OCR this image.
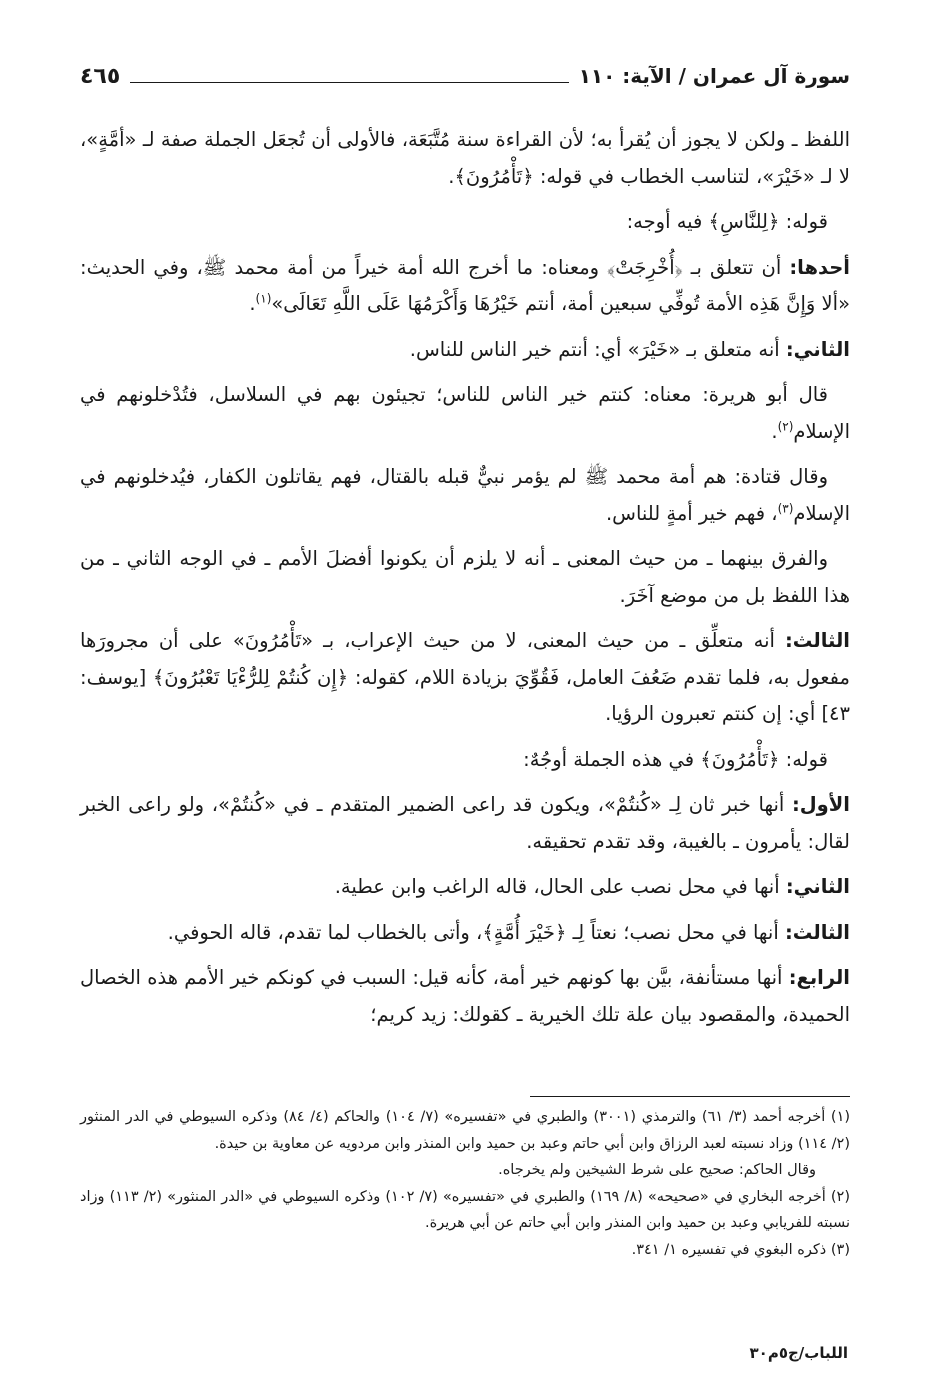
سورة آل عمران / الآية: ١١٠
٤٦٥

اللفظ ـ ولكن لا يجوز أن يُقرأ به؛ لأن القراءة سنة مُتَّبَعَة، فالأولى أن تُجعَل الجملة صفة لـ «أمَّةٍ»، لا لـ «خَيْرَ»، لتناسب الخطاب في قوله: ﴿تَأْمُرُونَ﴾.

قوله: ﴿لِلنَّاسِ﴾ فيه أوجه:

أحدها: أن تتعلق بـ ﴿أُخْرِجَتْ﴾ ومعناه: ما أخرج الله أمة خيراً من أمة محمد ﷺ، وفي الحديث: «ألا وَإِنَّ هَذِه الأمة تُوفِّي سبعين أمة، أنتم خَيْرُهَا وَأَكْرَمُهَا عَلَى اللَّهِ تَعَالَى»$^{(١)}$.

الثاني: أنه متعلق بـ «خَيْرَ» أي: أنتم خير الناس للناس.

قال أبو هريرة: معناه: كنتم خير الناس للناس؛ تجيئون بهم في السلاسل، فتُدْخلونهم في الإسلام$^{(٢)}$.

وقال قتادة: هم أمة محمد ﷺ لم يؤمر نبيٌّ قبله بالقتال، فهم يقاتلون الكفار، فيُدخلونهم في الإسلام$^{(٣)}$، فهم خير أمةٍ للناس.

والفرق بينهما ـ من حيث المعنى ـ أنه لا يلزم أن يكونوا أفضلَ الأمم ـ في الوجه الثاني ـ من هذا اللفظ بل من موضع آخَرَ.

الثالث: أنه متعلِّق ـ من حيث المعنى، لا من حيث الإعراب، بـ «تَأْمُرُونَ» على أن مجرورَها مفعول به، فلما تقدم ضَعُفَ العامل، فَقُوِّيَ بزيادة اللام، كقوله: ﴿إِن كُنتُمْ لِلرُّءْيَا تَعْبُرُونَ﴾ [يوسف: ٤٣] أي: إن كنتم تعبرون الرؤيا.

قوله: ﴿تَأْمُرُونَ﴾ في هذه الجملة أوجُهٌ:

الأول: أنها خبر ثان لِـ «كُنتُمْ»، ويكون قد راعى الضمير المتقدم ـ في «كُنتُمْ»، ولو راعى الخبر لقال: يأمرون ـ بالغيبة، وقد تقدم تحقيقه.

الثاني: أنها في محل نصب على الحال، قاله الراغب وابن عطية.

الثالث: أنها في محل نصب؛ نعتاً لِـ ﴿خَيْرَ أُمَّةٍ﴾، وأتى بالخطاب لما تقدم، قاله الحوفي.

الرابع: أنها مستأنفة، بيَّن بها كونهم خير أمة، كأنه قيل: السبب في كونكم خير الأمم هذه الخصال الحميدة، والمقصود بيان علة تلك الخيرية ـ كقولك: زيد كريم؛

(١) أخرجه أحمد (٣/ ٦١) والترمذي (٣٠٠١) والطبري في «تفسيره» (٧/ ١٠٤) والحاكم (٤/ ٨٤) وذكره السيوطي في الدر المنثور (٢/ ١١٤) وزاد نسبته لعبد الرزاق وابن أبي حاتم وعبد بن حميد وابن المنذر وابن مردويه عن معاوية بن حيدة.

وقال الحاكم: صحيح على شرط الشيخين ولم يخرجاه.

(٢) أخرجه البخاري في «صحيحه» (٨/ ١٦٩) والطبري في «تفسيره» (٧/ ١٠٢) وذكره السيوطي في «الدر المنثور» (٢/ ١١٣) وزاد نسبته للفريابي وعبد بن حميد وابن المنذر وابن أبي حاتم عن أبي هريرة.

(٣) ذكره البغوي في تفسيره ١/ ٣٤١.

اللباب/ج٥م٣٠
